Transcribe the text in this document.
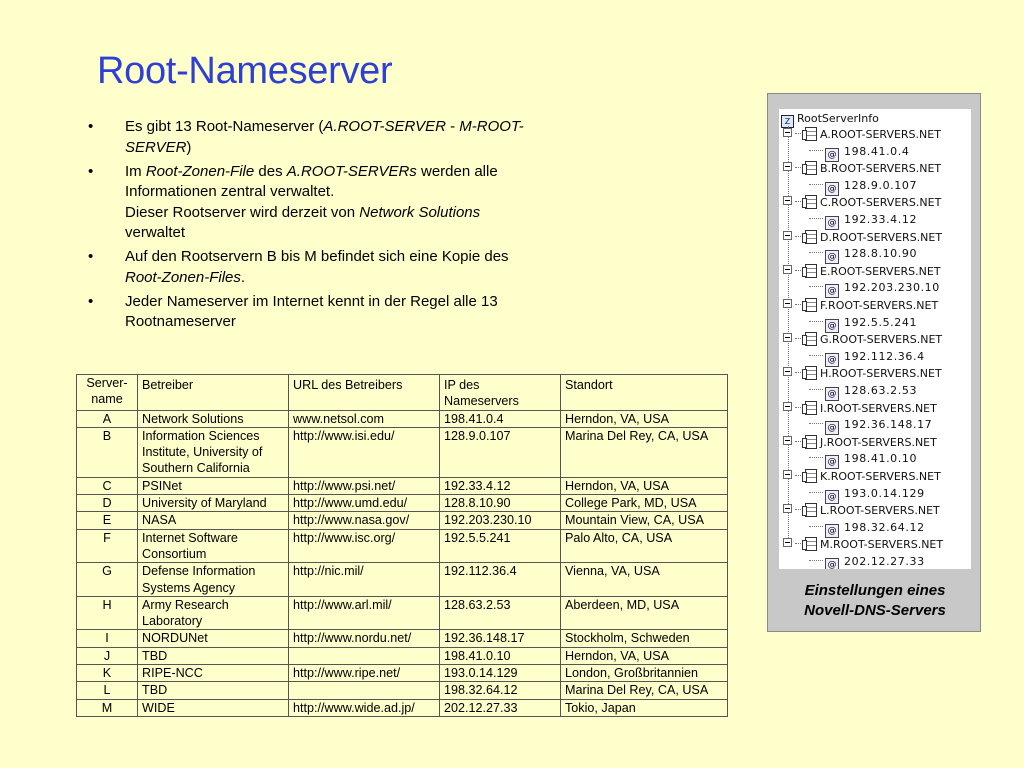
Root-Nameserver
• Es gibt 13 Root-Nameserver (A.ROOT-SERVER - M-ROOT-SERVER)
• Im Root-Zonen-File des A.ROOT-SERVERs werden alle Informationen zentral verwaltet.
Dieser Rootserver wird derzeit von Network Solutions verwaltet
• Auf den Rootservern B bis M befindet sich eine Kopie des Root-Zonen-Files.
• Jeder Nameserver im Internet kennt in der Regel alle 13 Rootnameserver
Server-name	Betreiber	URL des Betreibers	IP des Nameservers	Standort
A	Network Solutions	www.netsol.com	198.41.0.4	Herndon, VA, USA
B	Information Sciences Institute, University of Southern California	http://www.isi.edu/	128.9.0.107	Marina Del Rey, CA, USA
C	PSINet	http://www.psi.net/	192.33.4.12	Herndon, VA, USA
D	University of Maryland	http://www.umd.edu/	128.8.10.90	College Park, MD, USA
E	NASA	http://www.nasa.gov/	192.203.230.10	Mountain View, CA, USA
F	Internet Software Consortium	http://www.isc.org/	192.5.5.241	Palo Alto, CA, USA
G	Defense Information Systems Agency	http://nic.mil/	192.112.36.4	Vienna, VA, USA
H	Army Research Laboratory	http://www.arl.mil/	128.63.2.53	Aberdeen, MD, USA
I	NORDUNet	http://www.nordu.net/	192.36.148.17	Stockholm, Schweden
J	TBD		198.41.0.10	Herndon, VA, USA
K	RIPE-NCC	http://www.ripe.net/	193.0.14.129	London, Großbritannien
L	TBD		198.32.64.12	Marina Del Rey, CA, USA
M	WIDE	http://www.wide.ad.jp/	202.12.27.33	Tokio, Japan
Z RootServerInfo
A.ROOT-SERVERS.NET
@ 198.41.0.4
B.ROOT-SERVERS.NET
@ 128.9.0.107
C.ROOT-SERVERS.NET
@ 192.33.4.12
D.ROOT-SERVERS.NET
@ 128.8.10.90
E.ROOT-SERVERS.NET
@ 192.203.230.10
F.ROOT-SERVERS.NET
@ 192.5.5.241
G.ROOT-SERVERS.NET
@ 192.112.36.4
H.ROOT-SERVERS.NET
@ 128.63.2.53
I.ROOT-SERVERS.NET
@ 192.36.148.17
J.ROOT-SERVERS.NET
@ 198.41.0.10
K.ROOT-SERVERS.NET
@ 193.0.14.129
L.ROOT-SERVERS.NET
@ 198.32.64.12
M.ROOT-SERVERS.NET
@ 202.12.27.33
Einstellungen eines
Novell-DNS-Servers
